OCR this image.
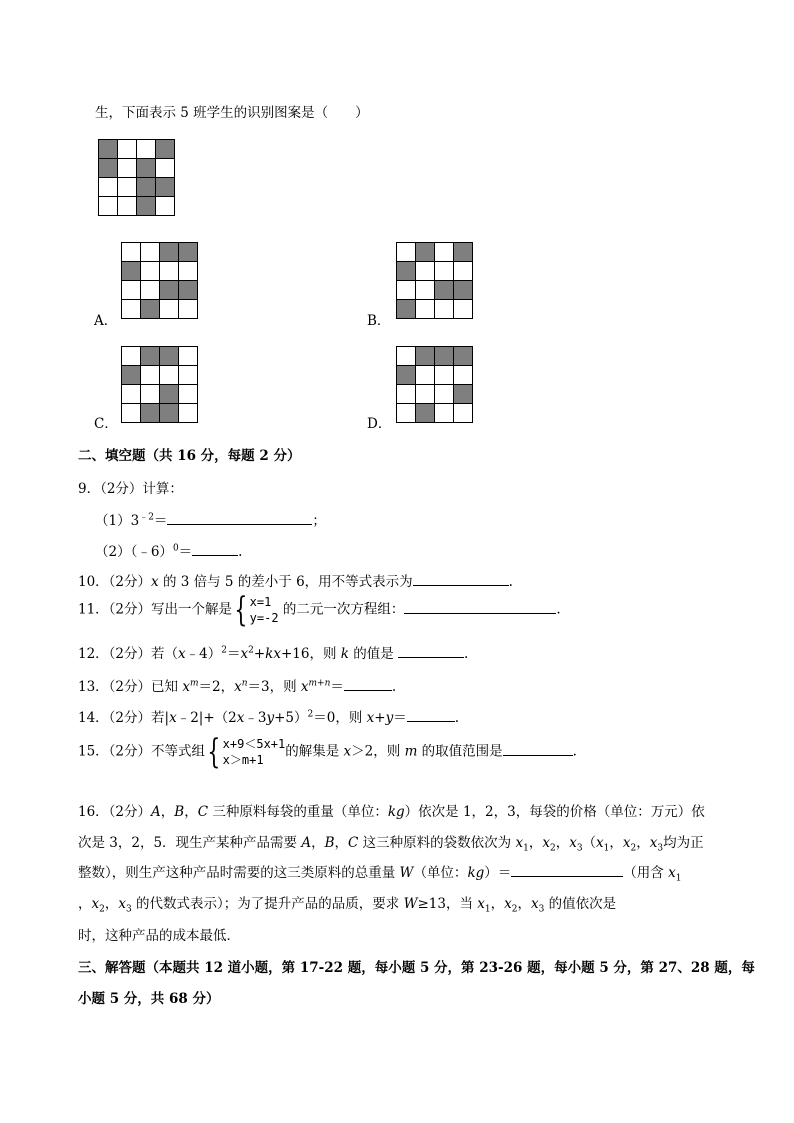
生，下面表示 5 班学生的识别图案是（　　）
A．	B．
C．	D．
二、填空题（共 16 分，每题 2 分）
9．（2分）计算：
$(1)3^{﹣2}=$	；
（2）（﹣6）$^0$＝	.
10．（2分）x 的 3 倍与 5 的差小于 6，用不等式表示为	.
11．（2分）写出一个解是{ x=1
y=-2 的二元一次方程组：	.
12．（2分）若$(x﹣4)^2=x^2+kx+16$，则 k 的值是	.
13．（2分）已知 $x^m=2$，$x^n=3$，则 $x^{m+n}=$	.
14．（2分）若|x﹣2|+（2x﹣3y+5）$^2$＝0，则 x+y＝	.
15．（2分）不等式组{ x+9＜5x+1
x＞m+1的解集是 x＞2，则 m 的取值范围是	.
16．（2分）A，B，C 三种原料每袋的重量（单位：kg）依次是 1，2，3，每袋的价格（单位：万元）依
次是 3，2，5．现生产某种产品需要 A，B，C 这三种原料的袋数依次为 $x_1$，$x_2$，$x_3(x_1$，$x_2$，$x_3$均为正
整数），则生产这种产品时需要的这三类原料的总重量 W（单位：kg）＝	（用含 $x_1$
，$x_2$，$x_3$ 的代数式表示）；为了提升产品的品质，要求 W≥13，当 $x_1$，$x_2$，$x_3$ 的值依次是
时，这种产品的成本最低．
三、解答题（本题共 12 道小题，第 17-22 题，每小题 5 分，第 23-26 题，每小题 5 分，第 27、28 题，每
小题 5 分，共 68 分）
